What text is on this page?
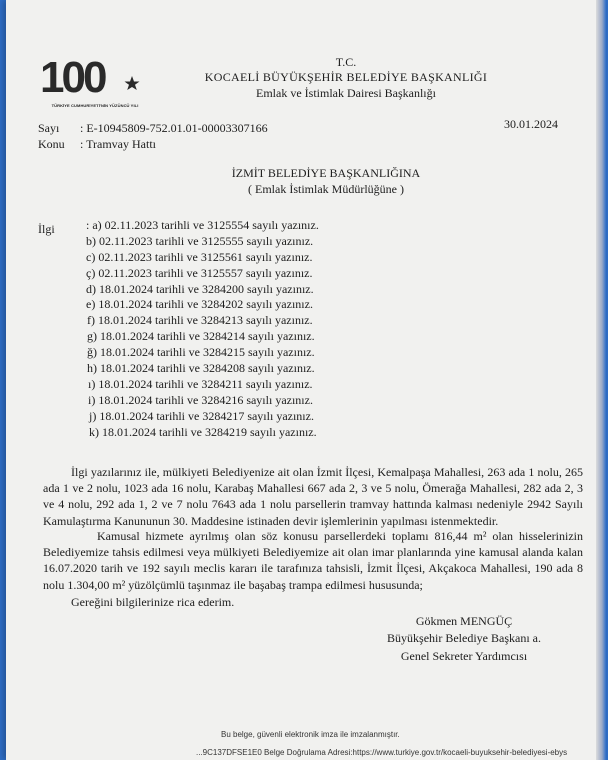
100
TÜRKİYE CUMHURİYETİ'NİN YÜZÜNCÜ YILI
T.C.
KOCAELİ BÜYÜKŞEHİR BELEDİYE BAŞKANLIĞI
Emlak ve İstimlak Dairesi Başkanlığı
30.01.2024
Sayı : E-10945809-752.01.01-00003307166
Konu : Tramvay Hattı
İZMİT BELEDİYE BAŞKANLIĞINA
( Emlak İstimlak Müdürlüğüne )
İlgi	: a) 02.11.2023 tarihli ve 3125554 sayılı yazınız.
b) 02.11.2023 tarihli ve 3125555 sayılı yazınız.
c) 02.11.2023 tarihli ve 3125561 sayılı yazınız.
ç) 02.11.2023 tarihli ve 3125557 sayılı yazınız.
d) 18.01.2024 tarihli ve 3284200 sayılı yazınız.
e) 18.01.2024 tarihli ve 3284202 sayılı yazınız.
f) 18.01.2024 tarihli ve 3284213 sayılı yazınız.
g) 18.01.2024 tarihli ve 3284214 sayılı yazınız.
ğ) 18.01.2024 tarihli ve 3284215 sayılı yazınız.
h) 18.01.2024 tarihli ve 3284208 sayılı yazınız.
ı) 18.01.2024 tarihli ve 3284211 sayılı yazınız.
i) 18.01.2024 tarihli ve 3284216 sayılı yazınız.
j) 18.01.2024 tarihli ve 3284217 sayılı yazınız.
k) 18.01.2024 tarihli ve 3284219 sayılı yazınız.

İlgi yazılarınız ile, mülkiyeti Belediyenize ait olan İzmit İlçesi, Kemalpaşa Mahallesi, 263 ada 1 nolu, 265 ada 1 ve 2 nolu, 1023 ada 16 nolu, Karabaş Mahallesi 667 ada 2, 3 ve 5 nolu, Ömerağa Mahallesi, 282 ada 2, 3 ve 4 nolu, 292 ada 1, 2 ve 7 nolu 7643 ada 1 nolu parsellerin tramvay hattında kalması nedeniyle 2942 Sayılı Kamulaştırma Kanununun 30. Maddesine istinaden devir işlemlerinin yapılması istenmektedir.

Kamusal hizmete ayrılmış olan söz konusu parsellerdeki toplamı 816,44 m² olan hisselerinizin Belediyemize tahsis edilmesi veya mülkiyeti Belediyemize ait olan imar planlarında yine kamusal alanda kalan 16.07.2020 tarih ve 192 sayılı meclis kararı ile tarafınıza tahsisli, İzmit İlçesi, Akçakoca Mahallesi, 190 ada 8 nolu 1.304,00 m² yüzölçümlü taşınmaz ile başabaş trampa edilmesi hususunda;

Gereğini bilgilerinize rica ederim.

Gökmen MENGÜÇ
Büyükşehir Belediye Başkanı a.
Genel Sekreter Yardımcısı
Bu belge, güvenli elektronik imza ile imzalanmıştır.
...9C137DFSE1E0 Belge Doğrulama Adresi:https://www.turkiye.gov.tr/kocaeli-buyuksehir-belediyesi-ebys
